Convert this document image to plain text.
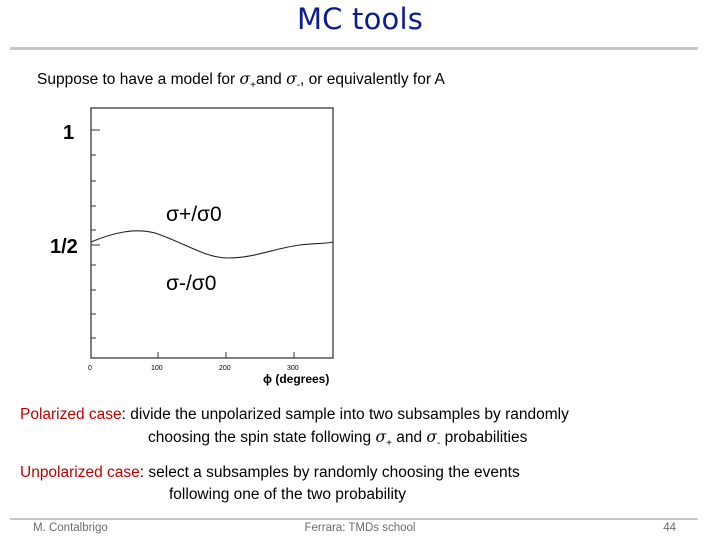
MC tools
Suppose to have a model for $\sigma_+and$ $\sigma_-$, or equivalently for A
1
1/2
σ+/σ0
σ-/σ0
0	100	200	300
ϕ (degrees)
Polarized case: divide the unpolarized sample into two subsamples by randomly
choosing the spin state following $\sigma_+$ and $\sigma_-$ probabilities
Unpolarized case: select a subsamples by randomly choosing the events
following one of the two probability
M. Contalbrigo	Ferrara: TMDs school	44
